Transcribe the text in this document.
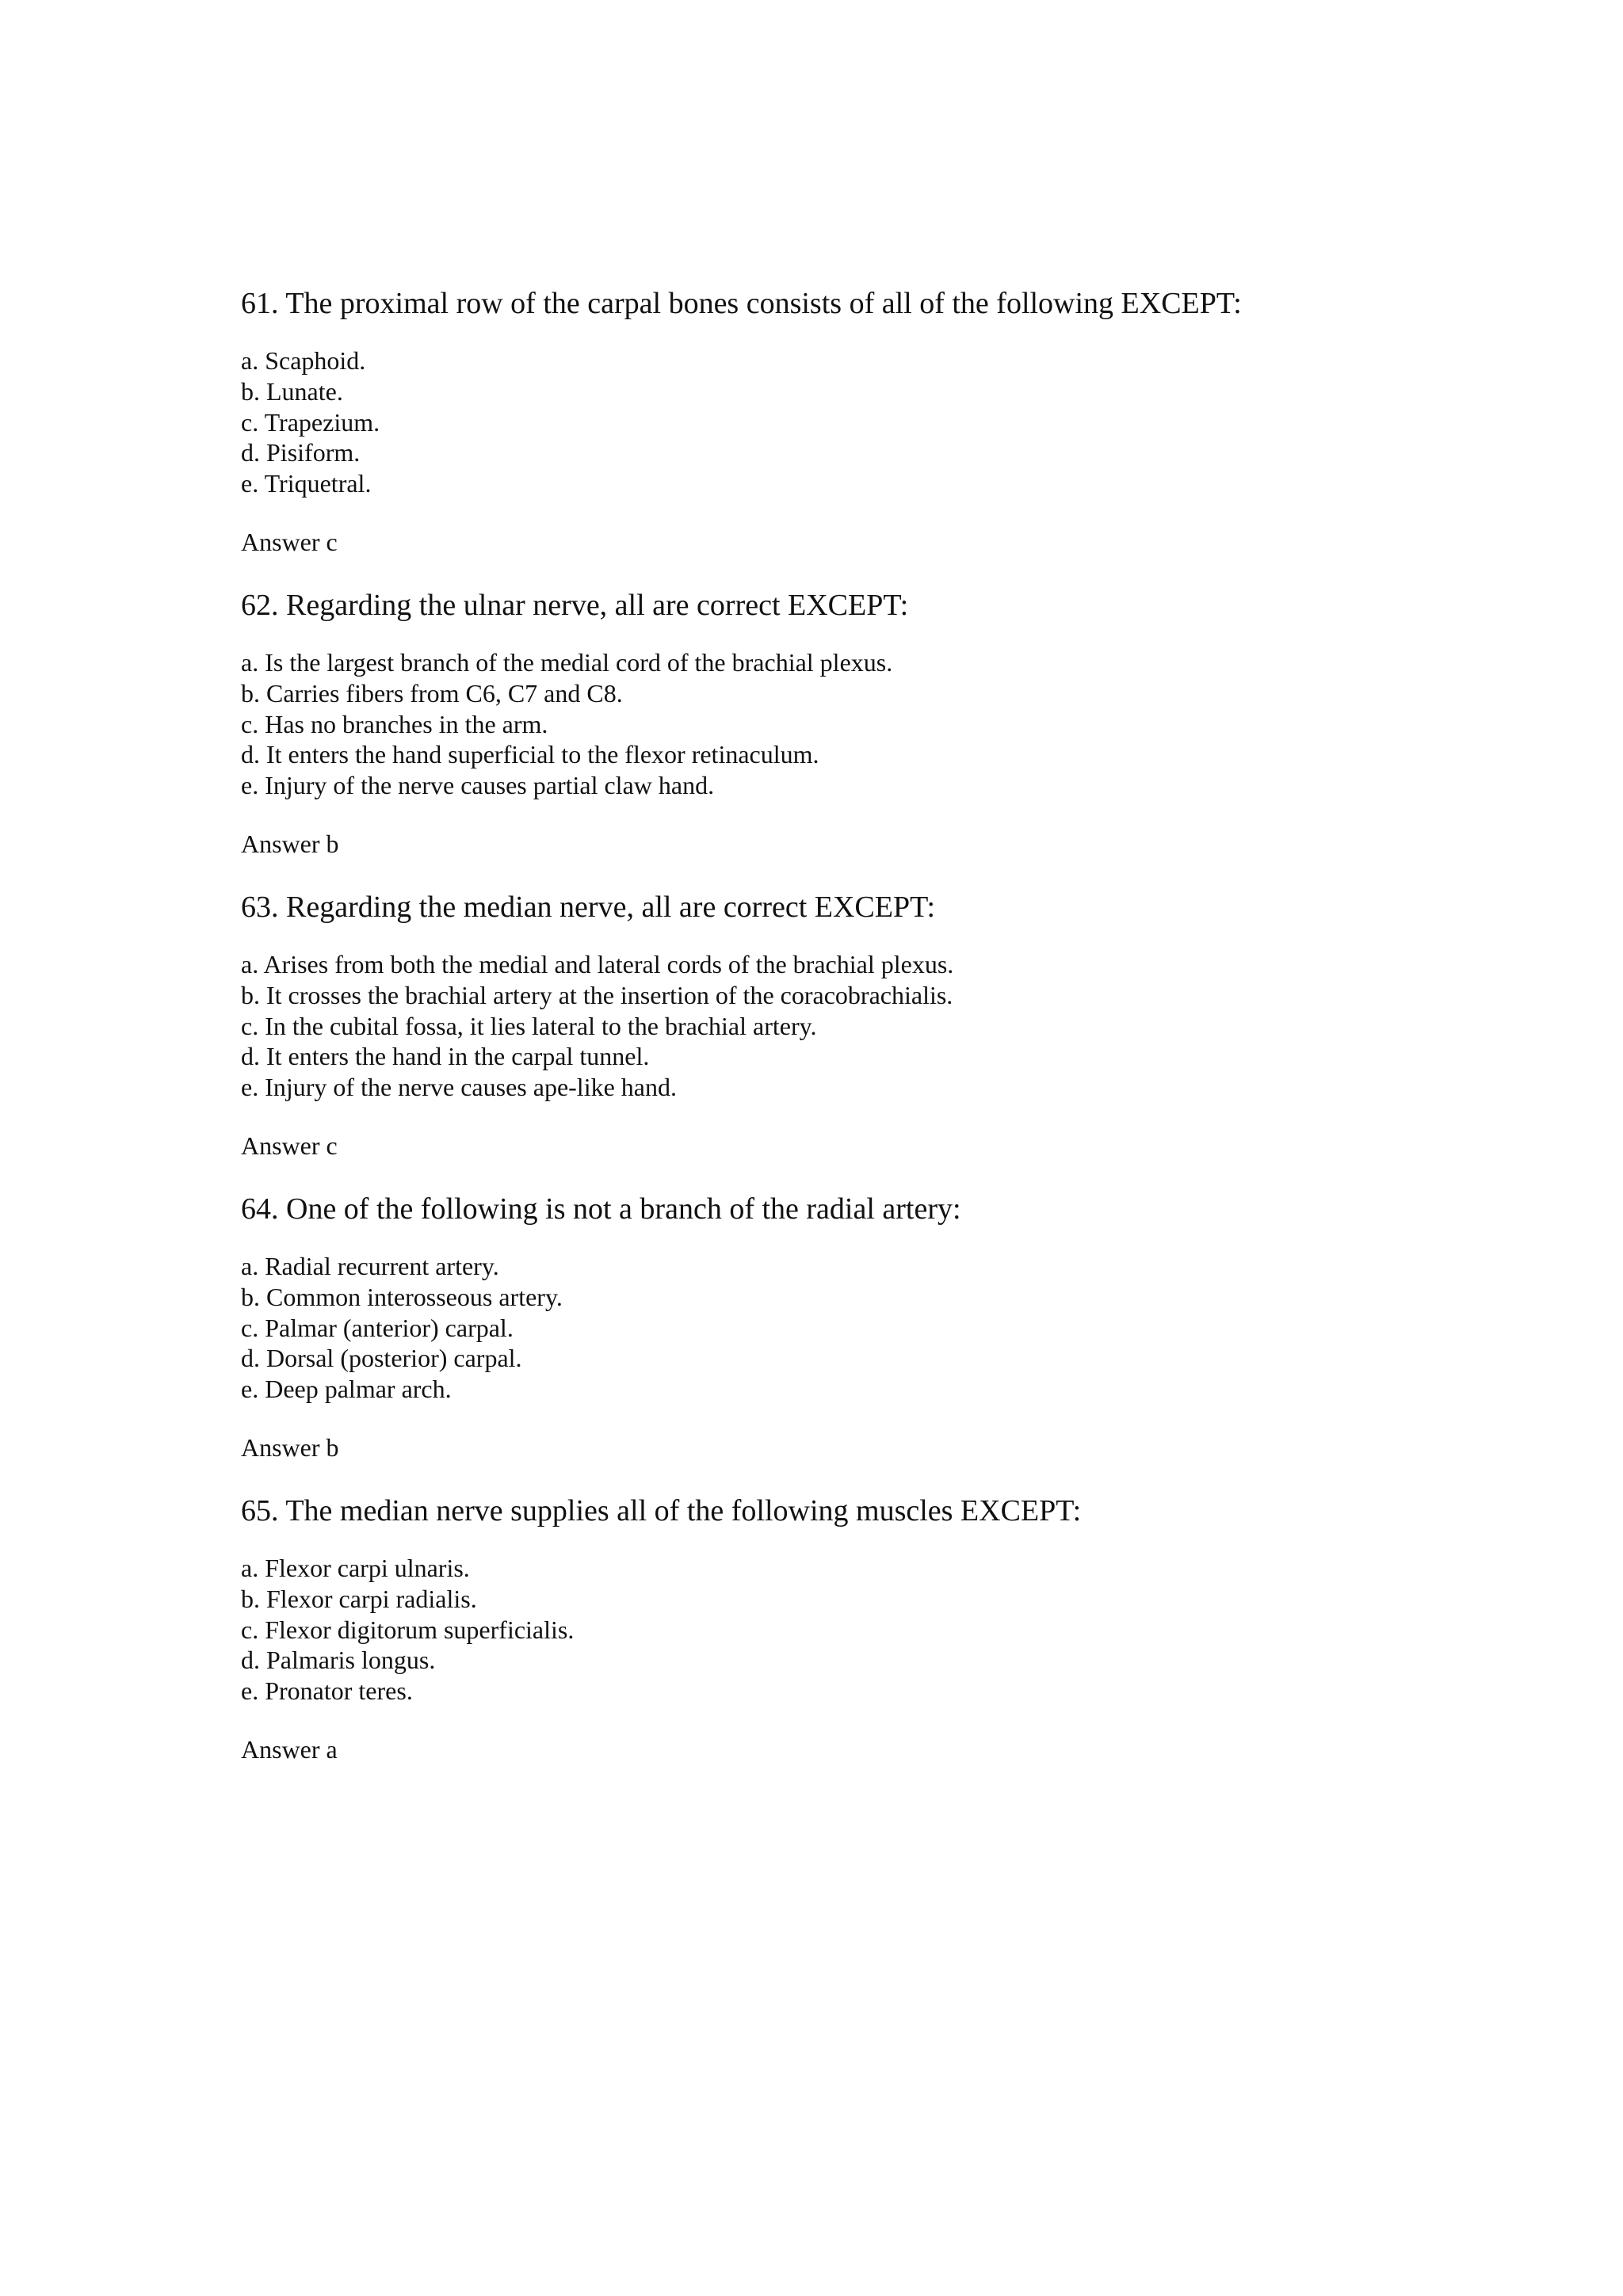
61. The proximal row of the carpal bones consists of all of the following EXCEPT:

a. Scaphoid.
b. Lunate.
c. Trapezium.
d. Pisiform.
e. Triquetral.

Answer c

62. Regarding the ulnar nerve, all are correct EXCEPT:

a. Is the largest branch of the medial cord of the brachial plexus.
b. Carries fibers from C6, C7 and C8.
c. Has no branches in the arm.
d. It enters the hand superficial to the flexor retinaculum.
e. Injury of the nerve causes partial claw hand.

Answer b

63. Regarding the median nerve, all are correct EXCEPT:

a. Arises from both the medial and lateral cords of the brachial plexus.
b. It crosses the brachial artery at the insertion of the coracobrachialis.
c. In the cubital fossa, it lies lateral to the brachial artery.
d. It enters the hand in the carpal tunnel.
e. Injury of the nerve causes ape-like hand.

Answer c

64. One of the following is not a branch of the radial artery:

a. Radial recurrent artery.
b. Common interosseous artery.
c. Palmar (anterior) carpal.
d. Dorsal (posterior) carpal.
e. Deep palmar arch.

Answer b

65. The median nerve supplies all of the following muscles EXCEPT:

a. Flexor carpi ulnaris.
b. Flexor carpi radialis.
c. Flexor digitorum superficialis.
d. Palmaris longus.
e. Pronator teres.

Answer a
